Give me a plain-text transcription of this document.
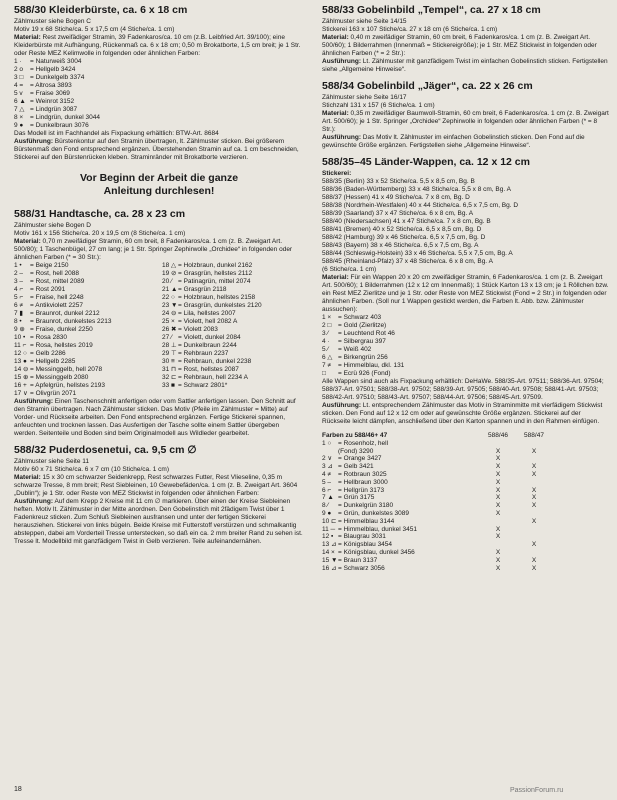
588/30 Kleiderbürste, ca. 6 x 18 cm

Zählmuster siehe Bogen C

Motiv 19 x 68 Stiche/ca. 5 x 17,5 cm (4 Stiche/ca. 1 cm)

Material: Rest zweifädiger Stramin, 39 Fadenkaros/ca. 10 cm (z.B. Leibfried Art. 39/100); eine Kleiderbürste mit Aufhängung, Rückenmaß ca. 6 x 18 cm; 0,50 m Brokatborte, 1,5 cm breit; je 1 Str. oder Reste MEZ Kelimwolle in folgenden oder ähnlichen Farben:

1 ·	= Naturweiß 3004
2 o	= Hellgelb 3424
3 □	= Dunkelgelb 3374
4 =	= Altrosa 3893
5 v	= Fraise 3069
6 ▲ = Weinrot 3152
7 △ = Lindgrün 3087
8 ×	= Lindgrün, dunkel 3044
9 ●	= Dunkelbraun 3076

Das Modell ist im Fachhandel als Fixpackung erhältlich: BTW-Art. 8684

Ausführung: Bürstenkontur auf den Stramin übertragen, lt. Zählmuster sticken. Bei größerem Bürstenmaß den Fond entsprechend ergänzen. Überstehenden Stramin auf ca. 1 cm beschneiden, Stickerei auf den Bürstenrücken kleben. Straminränder mit Brokatborte verzieren.

Vor Beginn der Arbeit die ganze
Anleitung durchlesen!
588/31 Handtasche, ca. 28 x 23 cm

Zählmuster siehe Bogen D

Motiv 161 x 156 Stiche/ca. 20 x 19,5 cm (8 Stiche/ca. 1 cm)

Material: 0,70 m zweifädiger Stramin, 60 cm breit, 8 Fadenkaros/ca. 1 cm (z. B. Zweigart Art. 500/80); 1 Taschenbügel, 27 cm lang; je 1 Str. Springer Zephirwolle „Orchidee“ in folgenden oder ähnlichen Farben (* = 30 Str.):

1 •	= Beige 2150
2 –	= Rost, hell 2088
3 –	= Rost, mittel 2089
4 ⌐	= Rost 2091
5 ⌐	= Fraise, hell 2248
6 ≠	= Antikviolett 2257
7 ▮	= Braunrot, dunkel 2212
8 •	= Braunrot, dunkelstes 2213
9 ⊕ = Fraise, dunkel 2250
10 • = Rosa 2830
11 ⌐ = Rosa, hellstes 2019
12 ○ = Gelb 2286
13 ● = Hellgelb 2285
14 ⊖ = Messinggelb, hell 2078
15 ⊕ = Messinggelb 2080
16 + = Apfelgrün, hellstes 2193
17 ∨ = Olivgrün 2071
18 △ = Holzbraun, dunkel 2162
19 ⊘ = Grasgrün, hellstes 2112
20 ⁄ = Patinagrün, mittel 2074
21 ▲ = Grasgrün 2118
22 ○ = Holzbraun, hellstes 2158
23 ▼ = Grasgrün, dunkelstes 2120
24 ⊖ = Lila, hellstes 2007
25 × = Violett, hell 2082 A
26 ✖ = Violett 2083
27 ⁄ = Violett, dunkel 2084
28 ⊥ = Dunkelbraun 2244
29 ⊤ = Rehbraun 2237
30 ≡ = Rehbraun, dunkel 2238
31 ⊓ = Rost, hellstes 2087
32 ⊏ = Rehbraun, hell 2234 A
33 ■ = Schwarz 2801*

Ausführung: Einen Taschenschnitt anfertigen oder vom Sattler anfertigen lassen. Den Schnitt auf den Stramin übertragen. Nach Zählmuster sticken. Das Motiv (Pfeile im Zählmuster = Mitte) auf Vorder- und Rückseite arbeiten. Den Fond entsprechend ergänzen. Fertige Stickerei spannen, anfeuchten und trocknen lassen. Das Ausfertigen der Tasche sollte einem Sattler übergeben werden. Seitenteile und Boden sind beim Originalmodell aus Wildleder gearbeitet.

588/32 Puderdosenetui, ca. 9,5 cm ∅

Zählmuster siehe Seite 11

Motiv 60 x 71 Stiche/ca. 6 x 7 cm (10 Stiche/ca. 1 cm)

Material: 15 x 30 cm schwarzer Seidenkrepp, Rest schwarzes Futter, Rest Vlieseline, 0,35 m schwarze Tresse, 8 mm breit; Rest Siebleinen, 10 Gewebefäden/ca. 1 cm (z. B. Zweigart Art. 3604 „Dublin“); je 1 Str. oder Reste von MEZ Stickwist in folgenden oder ähnlichen Farben:

Ausführung: Auf dem Krepp 2 Kreise mit 11 cm ∅ markieren. Über einen der Kreise Siebleinen heften. Motiv lt. Zählmuster in der Mitte anordnen. Den Gobelinstich mit 2fädigem Twist über 1 Fadenkreuz sticken. Zum Schluß Siebleinen ausfransen und unter der fertigen Stickerei herausziehen. Stickerei von links bügeln. Beide Kreise mit Futterstoff verstürzen und schmalkantig absteppen, dabei am Vorderteil Tresse unterstecken, so daß ein ca. 2 mm breiter Rand zu sehen ist. Tresse lt. Modellbild mit ganzfädigem Twist in Gelb verzieren. Teile aufeinandernähen.

588/33 Gobelinbild „Tempel“, ca. 27 x 18 cm

Zählmuster siehe Seite 14/15

Stickerei 163 x 107 Stiche/ca. 27 x 18 cm (6 Stiche/ca. 1 cm)

Material: 0,40 m zweifädiger Stramin, 60 cm breit, 6 Fadenkaros/ca. 1 cm (z. B. Zweigart Art. 500/60); 1 Bilderrahmen (Innenmaß = Stickereigröße); je 1 Str. MEZ Stickwist in folgenden oder ähnlichen Farben (* = 2 Str.):

Ausführung: Lt. Zählmuster mit ganzfädigem Twist im einfachen Gobelinstich sticken. Fertigstellen siehe „Allgemeine Hinweise“.

588/34 Gobelinbild „Jäger“, ca. 22 x 26 cm

Zählmuster siehe Seite 16/17

Stichzahl 131 x 157 (6 Stiche/ca. 1 cm)

Material: 0,35 m zweifädiger Baumwoll-Stramin, 60 cm breit, 6 Fadenkaros/ca. 1 cm (z. B. Zweigart Art. 500/60); je 1 Str. Springer „Orchidee“ Zephirwolle in folgenden oder ähnlichen Farben (* = 8 Str.):

Ausführung: Das Motiv lt. Zählmuster im einfachen Gobelinstich sticken. Den Fond auf die gewünschte Größe ergänzen. Fertigstellen siehe „Allgemeine Hinweise“.

588/35–45 Länder-Wappen, ca. 12 x 12 cm

Stickerei:

588/35 (Berlin) 33 x 52 Stiche/ca. 5,5 x 8,5 cm, Bg. B
588/36 (Baden-Württemberg) 33 x 48 Stiche/ca. 5,5 x 8 cm, Bg. A
588/37 (Hessen) 41 x 49 Stiche/ca. 7 x 8 cm, Bg. D
588/38 (Nordrhein-Westfalen) 40 x 44 Stiche/ca. 6,5 x 7,5 cm, Bg. D
588/39 (Saarland) 37 x 47 Stiche/ca. 6 x 8 cm, Bg. A
588/40 (Niedersachsen) 41 x 47 Stiche/ca. 7 x 8 cm, Bg. B
588/41 (Bremen) 40 x 52 Stiche/ca. 6,5 x 8,5 cm, Bg. D
588/42 (Hamburg) 39 x 46 Stiche/ca. 6,5 x 7,5 cm, Bg. D
588/43 (Bayern) 38 x 46 Stiche/ca. 6,5 x 7,5 cm, Bg. A
588/44 (Schleswig-Holstein) 33 x 46 Stiche/ca. 5,5 x 7,5 cm, Bg. A
588/45 (Rheinland-Pfalz) 37 x 48 Stiche/ca. 6 x 8 cm, Bg. A
(6 Stiche/ca. 1 cm)

Material: Für ein Wappen 20 x 20 cm zweifädiger Stramin, 6 Fadenkaros/ca. 1 cm (z. B. Zweigart Art. 500/60); 1 Bilderrahmen (12 x 12 cm Innenmaß); 1 Stück Karton 13 x 13 cm; je 1 Röllchen bzw. ein Rest MEZ Zierlitze und je 1 Str. oder Reste von MEZ Stickwist (Fond = 2 Str.) in folgenden oder ähnlichen Farben. (Soll nur 1 Wappen gestickt werden, die Farben lt. Abb. bzw. Zählmuster aussuchen):

1 ×	= Schwarz 403
2 □	= Gold (Zierlitze)
3 ⁄	= Leuchtend Rot 46
4 ·	= Silbergrau 397
5 ⁄	= Weiß 402
6 △ = Birkengrün 256
7 ≠	= Himmelblau, dkl. 131
□	= Ecrü 926 (Fond)

Alle Wappen sind auch als Fixpackung erhältlich: DeHaWe. 588/35-Art. 97511; 588/36-Art. 97504; 588/37-Art. 97501; 588/38-Art. 97502; 588/39-Art. 97505; 588/40-Art. 97508; 588/41-Art. 97503; 588/42-Art. 97510; 588/43-Art. 97507; 588/44-Art. 97506; 588/45-Art. 97509.

Ausführung: Lt. entsprechendem Zählmuster das Motiv in Straminmitte mit vierfädigem Stickwist sticken. Den Fond auf 12 x 12 cm oder auf gewünschte Größe ergänzen. Stickerei auf der Rückseite leicht dämpfen, anschließend über den Karton spannen und in den Rahmen einfügen.

Farben zu 588/46+ 47	588/46	588/47
1 ○ = Rosenholz, hell		
(Fond) 3290	X	X
2 ∨ = Orange 3427	X	
3 ⊿ = Gelb 3421	X	X
4 ≠ = Rotbraun 3025	X	X
5 – = Hellbraun 3000	X	
6 ⌐ = Hellgrün 3173	X	X
7 ▲ = Grün 3175	X	X
8 ⁄ = Dunkelgrün 3180	X	X
9 ● = Grün, dunkelstes 3089	X	
10 ⊏ = Himmelblau 3144		X
11 ─ = Himmelblau, dunkel 3451	X	
12 ▪ = Blaugrau 3031	X	
13 ⊿ = Königsblau 3454		X
14 × = Königsblau, dunkel 3456	X	
15 ▼= Braun 3137	X	X
16 ⊿ = Schwarz 3056	X	X
18	PassionForum.ru
